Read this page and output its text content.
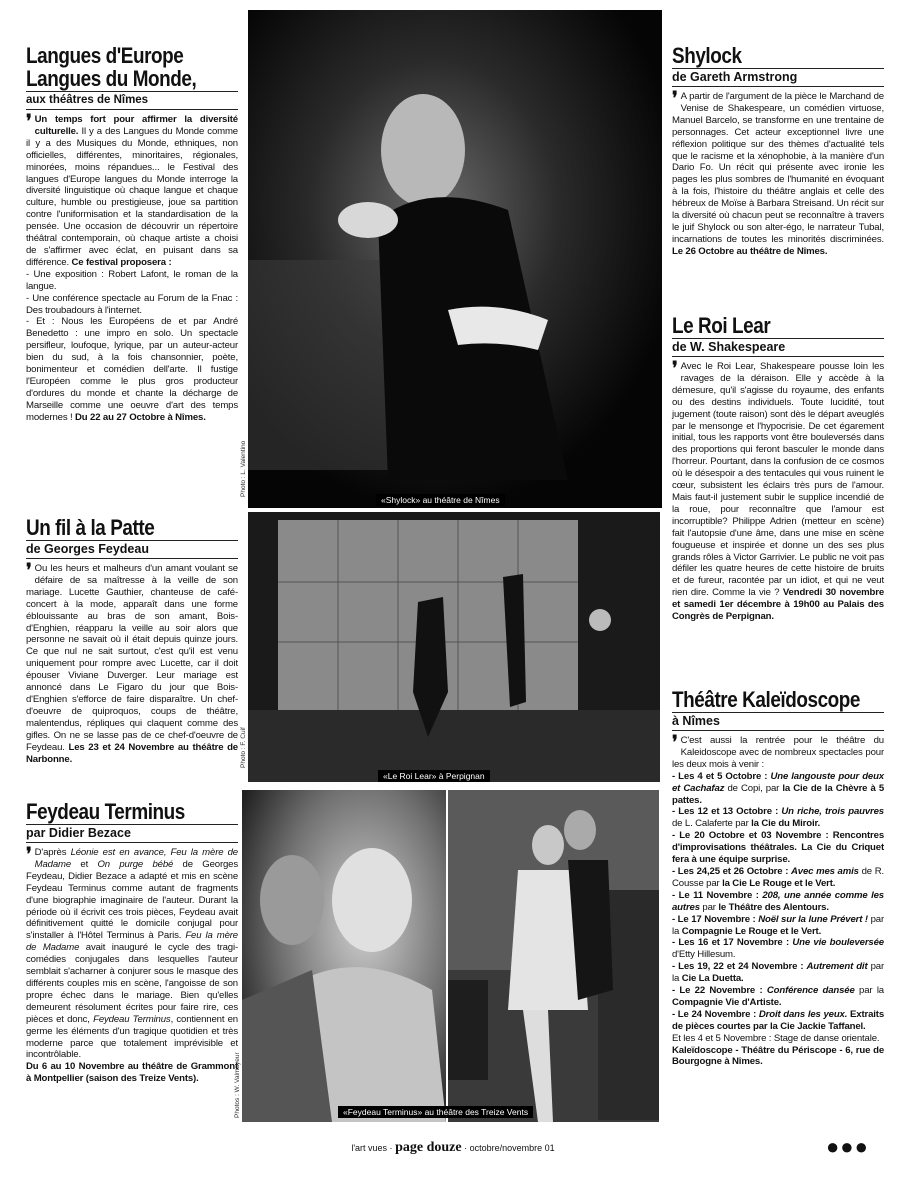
Langues d'Europe
Langues du Monde,
aux théâtres de Nîmes

❜ Un temps fort pour affirmer la diversité culturelle. Il y a des Langues du Monde comme il y a des Musiques du Monde, ethniques, non officielles, différentes, minoritaires, régionales, minorées, moins répandues... le Festival des langues d'Europe langues du Monde interroge la diversité linguistique où chaque langue et chaque culture, humble ou prestigieuse, joue sa partition contre l'uniformisation et la standardisation de la pensée. Une occasion de découvrir un répertoire théâtral contemporain, où chaque artiste a choisi de s'affirmer avec éclat, en puisant dans sa différence. Ce festival proposera :

- Une exposition : Robert Lafont, le roman de la langue.

- Une conférence spectacle au Forum de la Fnac : Des troubadours à l'internet.

- Et : Nous les Européens de et par André Benedetto : une impro en solo. Un spectacle persifleur, loufoque, lyrique, par un auteur-acteur bien du sud, à la fois chansonnier, poète, bonimenteur et comédien dell'arte. Il fustige l'Européen comme le plus gros producteur d'ordures du monde et chante la décharge de Marseille comme une oeuvre d'art des temps modernes ! Du 22 au 27 Octobre à Nîmes.

Un fil à la Patte
de Georges Feydeau

❜ Ou les heurs et malheurs d'un amant voulant se défaire de sa maîtresse à la veille de son mariage. Lucette Gauthier, chanteuse de café-concert à la mode, apparaît dans une forme éblouissante au bras de son amant, Bois-d'Enghien, réapparu la veille au soir alors que personne ne savait où il était depuis quinze jours. Ce que nul ne sait surtout, c'est qu'il est venu uniquement pour rompre avec Lucette, car il doit épouser Viviane Duverger. Leur mariage est annoncé dans Le Figaro du jour que Bois-d'Enghien s'efforce de faire disparaître. Un chef-d'oeuvre de quiproquos, coups de théâtre, malentendus, répliques qui claquent comme des gifles. On ne se lasse pas de ce chef-d'oeuvre de Feydeau. Les 23 et 24 Novembre au théâtre de Narbonne.

Feydeau Terminus
par Didier Bezace

❜ D'après Léonie est en avance, Feu la mère de Madame et On purge bébé de Georges Feydeau, Didier Bezace a adapté et mis en scène Feydeau Terminus comme autant de fragments d'une biographie imaginaire de l'auteur. Durant la période où il écrivit ces trois pièces, Feydeau avait définitivement quitté le domicile conjugal pour s'installer à l'Hôtel Terminus à Paris. Feu la mère de Madame avait inauguré le cycle des tragi-comédies conjugales dans lesquelles l'auteur semblait s'acharner à conjurer sous le masque des différents couples mis en scène, l'angoisse de son propre échec dans le mariage. Bien qu'elles demeurent résolument écrites pour faire rire, ces pièces et donc, Feydeau Terminus, contiennent en germe les éléments d'un tragique quotidien et très moderne parce que totalement imprévisible et incontrôlable.

Du 6 au 10 Novembre au théâtre de Grammont à Montpellier (saison des Treize Vents).

«Shylock» au théâtre de Nîmes
Photo : L. Valentino
«Le Roi Lear» à Perpignan
Photo : F. Cuif
«Feydeau Terminus» au théâtre des Treize Vents
Photos : W. Valmayeur
Shylock
de Gareth Armstrong

❜ A partir de l'argument de la pièce le Marchand de Venise de Shakespeare, un comédien virtuose, Manuel Barcelo, se transforme en une trentaine de personnages. Cet acteur exceptionnel livre une réflexion politique sur des thèmes d'actualité tels que le racisme et la xénophobie, à la manière d'un Dario Fo. Un récit qui présente avec ironie les pages les plus sombres de l'humanité en évoquant à la fois, l'histoire du théâtre anglais et celle des hébreux de Moïse à Barbara Streisand. Un récit sur la diversité où chacun peut se reconnaître à travers le juif Shylock ou son alter-égo, le narrateur Tubal, incarnations de toutes les minorités discriminées. Le 26 Octobre au théâtre de Nîmes.

Le Roi Lear
de W. Shakespeare

❜ Avec le Roi Lear, Shakespeare pousse loin les ravages de la déraison. Elle y accède à la démesure, qu'il s'agisse du royaume, des enfants ou des destins individuels. Toute lucidité, tout jugement (toute raison) sont dès le départ aveuglés par le mensonge et l'hypocrisie. De cet égarement initial, tous les rapports vont être bouleversés dans des proportions qui feront basculer le monde dans l'horreur. Pourtant, dans la confusion de ce cosmos où le désespoir a des tentacules qui vous ruinent le cœur, subsistent les éclairs très purs de l'amour. Mais faut-il justement subir le supplice incendié de la roue, pour reconnaître que l'amour est incorruptible? Philippe Adrien (metteur en scène) fait l'autopsie d'une âme, dans une mise en scène fougueuse et inspirée et donne un des ses plus grands rôles à Victor Garrivier. Le public ne voit pas défiler les quatre heures de cette histoire de bruits et de fureur, racontée par un idiot, et qui ne veut rien dire. Comme la vie ? Vendredi 30 novembre et samedi 1er décembre à 19h00 au Palais des Congrès de Perpignan.

Théâtre Kaleïdoscope
à Nîmes

❜ C'est aussi la rentrée pour le théâtre du Kaleidoscope avec de nombreux spectacles pour les deux mois à venir :

- Les 4 et 5 Octobre : Une langouste pour deux et Cachafaz de Copi, par la Cie de la Chèvre à 5 pattes.

- Les 12 et 13 Octobre : Un riche, trois pauvres de L. Calaferte par la Cie du Miroir.

- Le 20 Octobre et 03 Novembre : Rencontres d'improvisations théâtrales. La Cie du Criquet fera à une équipe surprise.

- Les 24,25 et 26 Octobre : Avec mes amis de R. Cousse par la Cie Le Rouge et le Vert.

- Le 11 Novembre : 208, une année comme les autres par le Théâtre des Alentours.

- Le 17 Novembre : Noël sur la lune Prévert ! par la Compagnie Le Rouge et le Vert.

- Les 16 et 17 Novembre : Une vie bouleversée d'Etty Hillesum.

- Les 19, 22 et 24 Novembre : Autrement dit par la Cie La Duetta.

- Le 22 Novembre : Conférence dansée par la Compagnie Vie d'Artiste.

- Le 24 Novembre : Droit dans les yeux. Extraits de pièces courtes par la Cie Jackie Taffanel.

Et les 4 et 5 Novembre : Stage de danse orientale.

Kaleïdoscope - Théâtre du Périscope - 6, rue de Bourgogne à Nîmes.

l'art vues · page douze · octobre/novembre 01	●●●
